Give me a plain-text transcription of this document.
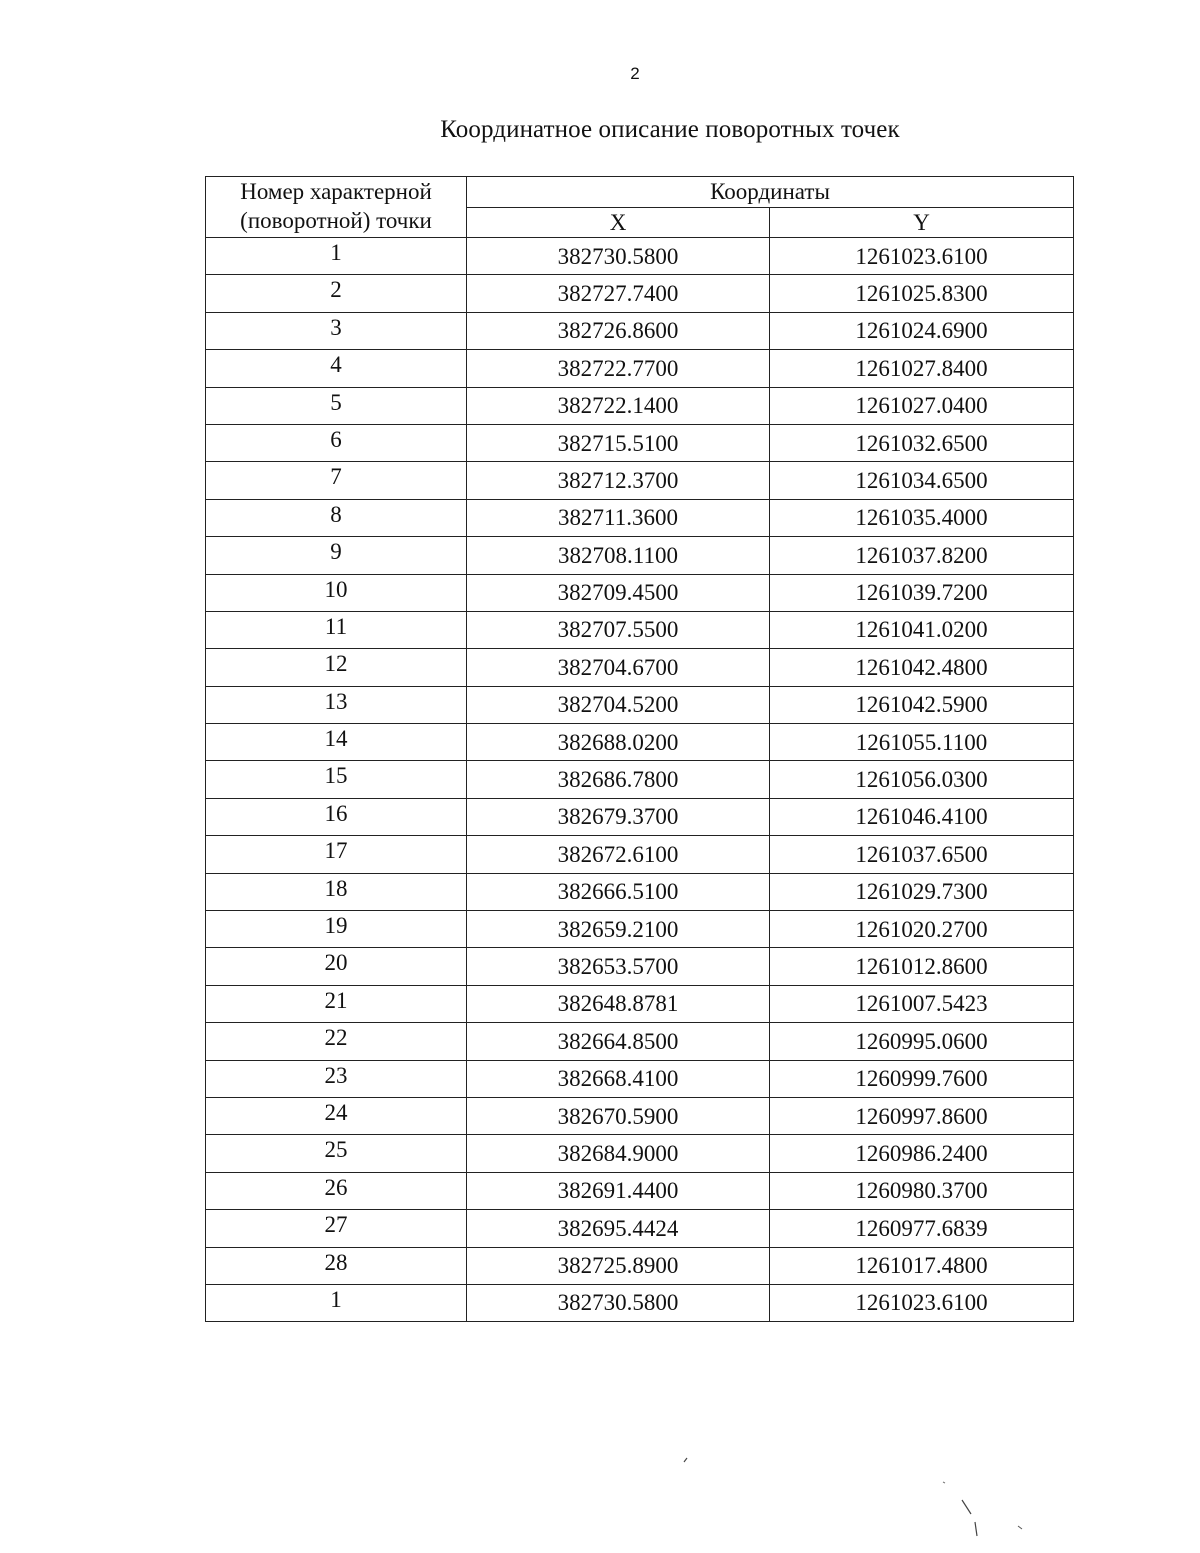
2
Координатное описание поворотных точек
Номер характерной
(поворотной) точки	Координаты	
	X	Y
1	382730.5800	1261023.6100
2	382727.7400	1261025.8300
3	382726.8600	1261024.6900
4	382722.7700	1261027.8400
5	382722.1400	1261027.0400
6	382715.5100	1261032.6500
7	382712.3700	1261034.6500
8	382711.3600	1261035.4000
9	382708.1100	1261037.8200
10	382709.4500	1261039.7200
11	382707.5500	1261041.0200
12	382704.6700	1261042.4800
13	382704.5200	1261042.5900
14	382688.0200	1261055.1100
15	382686.7800	1261056.0300
16	382679.3700	1261046.4100
17	382672.6100	1261037.6500
18	382666.5100	1261029.7300
19	382659.2100	1261020.2700
20	382653.5700	1261012.8600
21	382648.8781	1261007.5423
22	382664.8500	1260995.0600
23	382668.4100	1260999.7600
24	382670.5900	1260997.8600
25	382684.9000	1260986.2400
26	382691.4400	1260980.3700
27	382695.4424	1260977.6839
28	382725.8900	1261017.4800
1	382730.5800	1261023.6100
